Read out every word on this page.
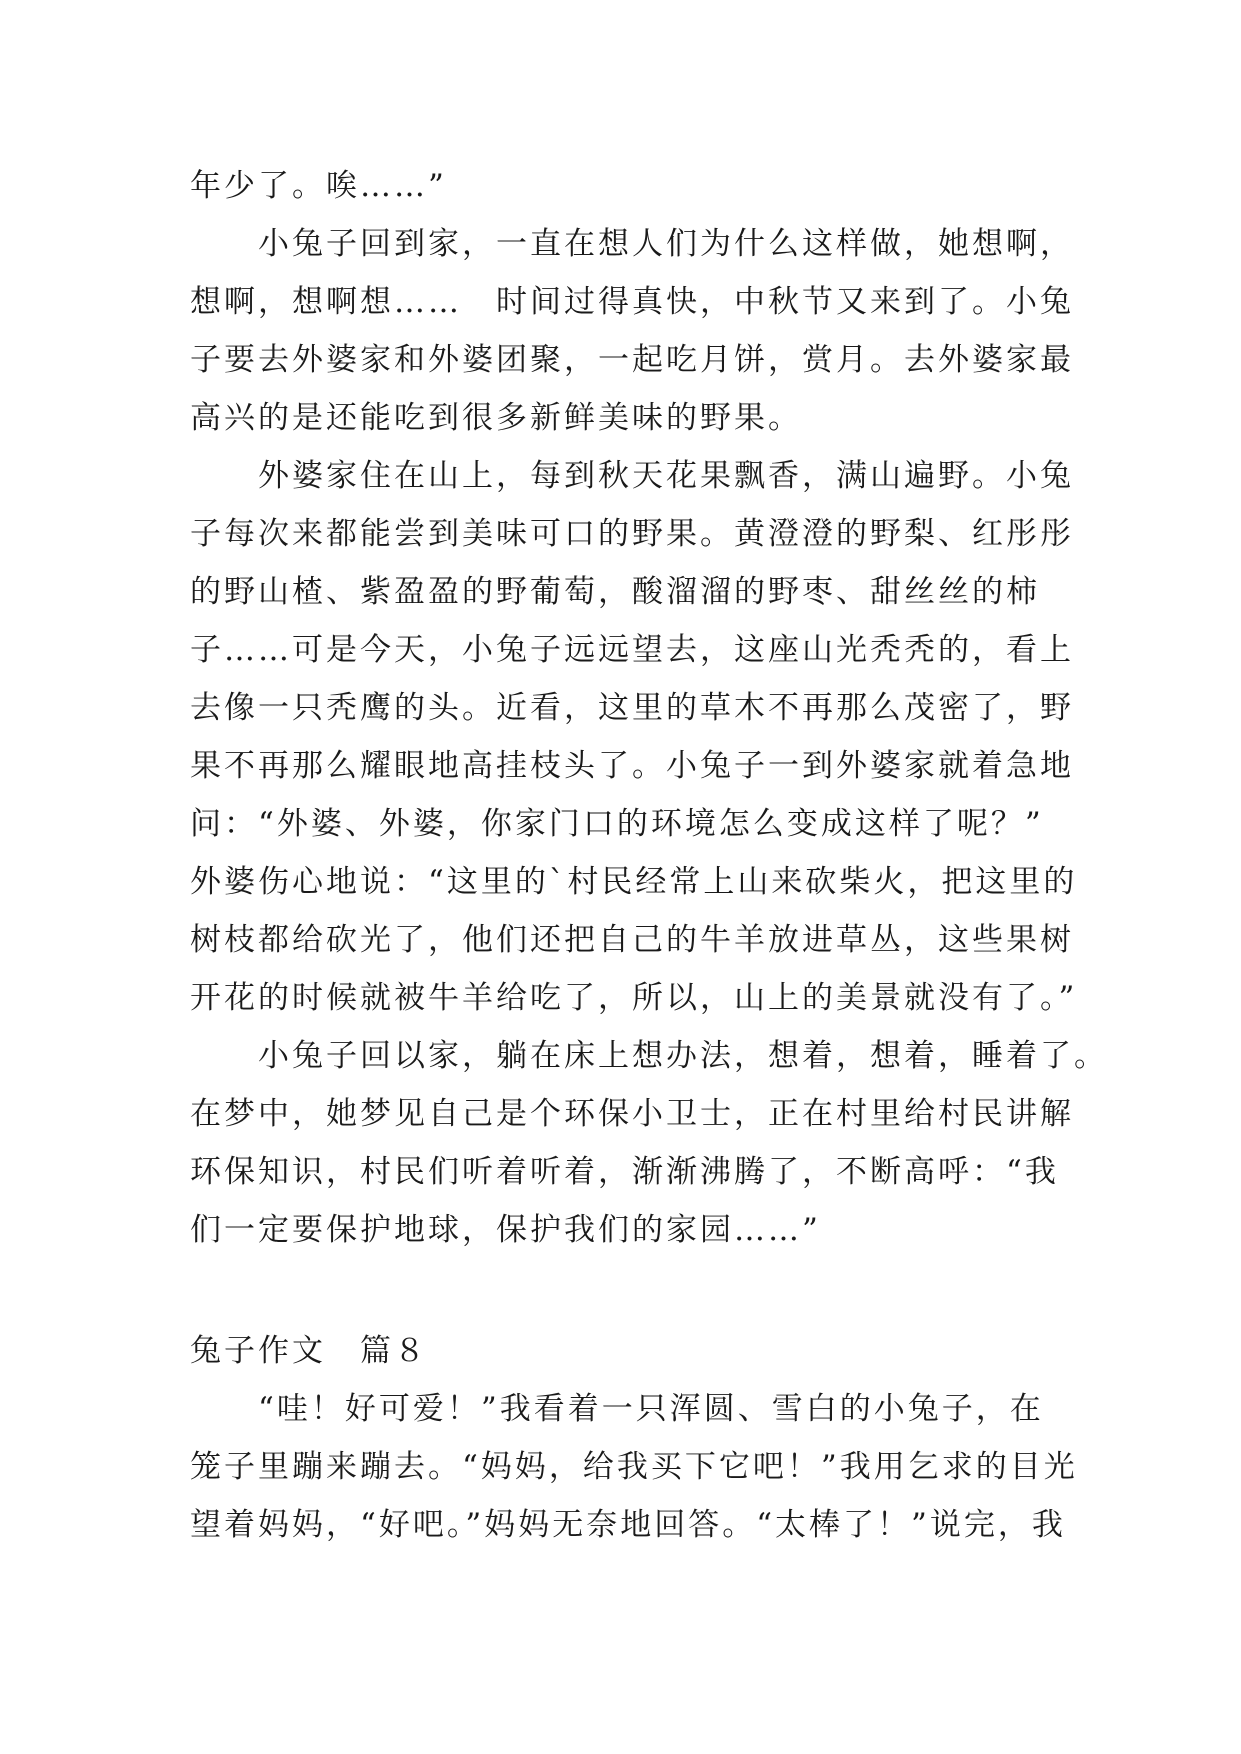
年少了。唉……”
　　小兔子回到家，一直在想人们为什么这样做，她想啊，
想啊，想啊想……　时间过得真快，中秋节又来到了。小兔
子要去外婆家和外婆团聚，一起吃月饼，赏月。去外婆家最
高兴的是还能吃到很多新鲜美味的野果。
　　外婆家住在山上，每到秋天花果飘香，满山遍野。小兔
子每次来都能尝到美味可口的野果。黄澄澄的野梨、红彤彤
的野山楂、紫盈盈的野葡萄，酸溜溜的野枣、甜丝丝的柿
子……可是今天，小兔子远远望去，这座山光秃秃的，看上
去像一只秃鹰的头。近看，这里的草木不再那么茂密了，野
果不再那么耀眼地高挂枝头了。小兔子一到外婆家就着急地
问：“外婆、外婆，你家门口的环境怎么变成这样了呢？”
外婆伤心地说：“这里的`村民经常上山来砍柴火，把这里的
树枝都给砍光了，他们还把自己的牛羊放进草丛，这些果树
开花的时候就被牛羊给吃了，所以，山上的美景就没有了。”
　　小兔子回以家，躺在床上想办法，想着，想着，睡着了。
在梦中，她梦见自己是个环保小卫士，正在村里给村民讲解
环保知识，村民们听着听着，渐渐沸腾了，不断高呼：“我
们一定要保护地球，保护我们的家园……”
兔子作文　篇８
　　“哇！好可爱！”我看着一只浑圆、雪白的小兔子，在
笼子里蹦来蹦去。“妈妈，给我买下它吧！”我用乞求的目光
望着妈妈，“好吧。”妈妈无奈地回答。“太棒了！”说完，我
